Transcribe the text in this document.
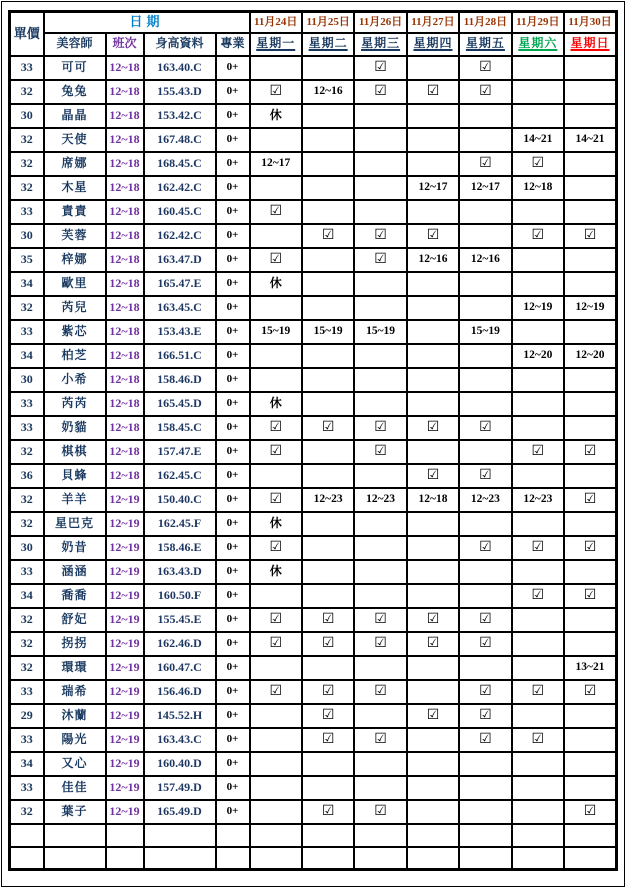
單價	日期				11月24日	11月25日	11月26日	11月27日	11月28日	11月29日	11月30日
	美容師	班次	身高資料	專業	星期一	星期二	星期三	星期四	星期五	星期六	星期日
33	可可	12~18	163.40.C	0+			☑		☑		
32	兔兔	12~18	155.43.D	0+	☑	12~16	☑	☑	☑		
30	晶晶	12~18	153.42.C	0+	休						
32	天使	12~18	167.48.C	0+						14~21	14~21
32	席娜	12~18	168.45.C	0+	12~17				☑	☑	
32	木星	12~18	162.42.C	0+				12~17	12~17	12~18	
33	責責	12~18	160.45.C	0+	☑						
30	芙蓉	12~18	162.42.C	0+		☑	☑	☑		☑	☑
35	梓娜	12~18	163.47.D	0+	☑		☑	12~16	12~16		
34	歐里	12~18	165.47.E	0+	休						
32	芮兒	12~18	163.45.C	0+						12~19	12~19
33	紫芯	12~18	153.43.E	0+	15~19	15~19	15~19		15~19		
34	柏芝	12~18	166.51.C	0+						12~20	12~20
30	小希	12~18	158.46.D	0+							
33	芮芮	12~18	165.45.D	0+	休						
33	奶貓	12~18	158.45.C	0+	☑	☑	☑	☑	☑		
32	棋棋	12~18	157.47.E	0+	☑		☑			☑	☑
36	貝蜂	12~18	162.45.C	0+				☑	☑		
32	羊羊	12~19	150.40.C	0+	☑	12~23	12~23	12~18	12~23	12~23	☑
32	星巴克	12~19	162.45.F	0+	休						
30	奶昔	12~19	158.46.E	0+	☑				☑	☑	☑
33	涵涵	12~19	163.43.D	0+	休						
34	喬喬	12~19	160.50.F	0+						☑	☑
32	舒妃	12~19	155.45.E	0+	☑	☑	☑	☑	☑		
32	拐拐	12~19	162.46.D	0+	☑	☑	☑	☑	☑		
32	環環	12~19	160.47.C	0+							13~21
33	瑞希	12~19	156.46.D	0+	☑	☑	☑		☑	☑	☑
29	沐蘭	12~19	145.52.H	0+		☑		☑	☑		
33	陽光	12~19	163.43.C	0+		☑	☑		☑	☑	
34	又心	12~19	160.40.D	0+							
33	佳佳	12~19	157.49.D	0+							
32	葉子	12~19	165.49.D	0+		☑	☑				☑
